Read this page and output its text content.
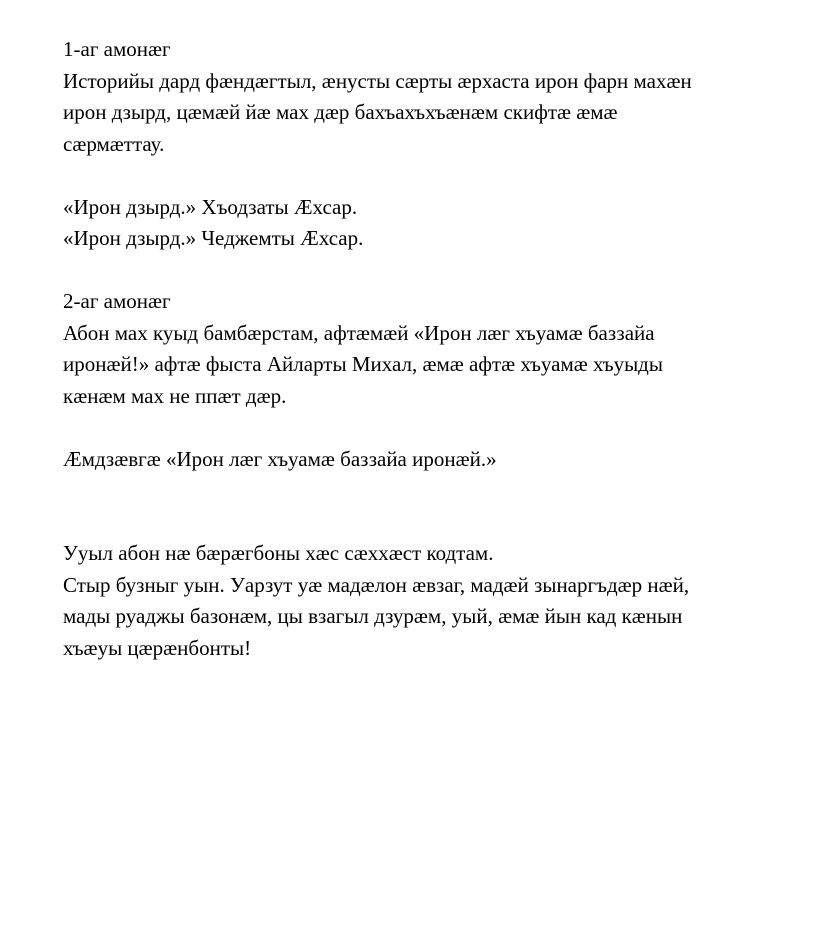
1-аг амонæг
Историйы дард фæндæгтыл, æнусты сæрты æрхаста ирон фарн махæн
ирон дзырд, цæмæй йæ мах дæр бахъахъхъæнæм скифтæ æмæ
сæрмæттау.
«Ирон дзырд.» Хъодзаты Æхсар.
«Ирон дзырд.» Чеджемты Æхсар.
2-аг амонæг
Абон мах куыд бамбæрстам, афтæмæй «Ирон лæг хъуамæ баззайа
иронæй!» афтæ фыста Айларты Михал, æмæ афтæ хъуамæ хъуыды
кæнæм мах не ппæт дæр.
Æмдзæвгæ «Ирон лæг хъуамæ баззайа иронæй.»
Ууыл абон нæ бæрæгбоны хæс сæххæст кодтам.
Стыр бузныг уын. Уарзут уæ мадæлон æвзаг, мадæй зынаргъдæр нæй,
мады руаджы базонæм, цы взагыл дзурæм, уый, æмæ йын кад кæнын
хъæуы цæрæнбонты!
